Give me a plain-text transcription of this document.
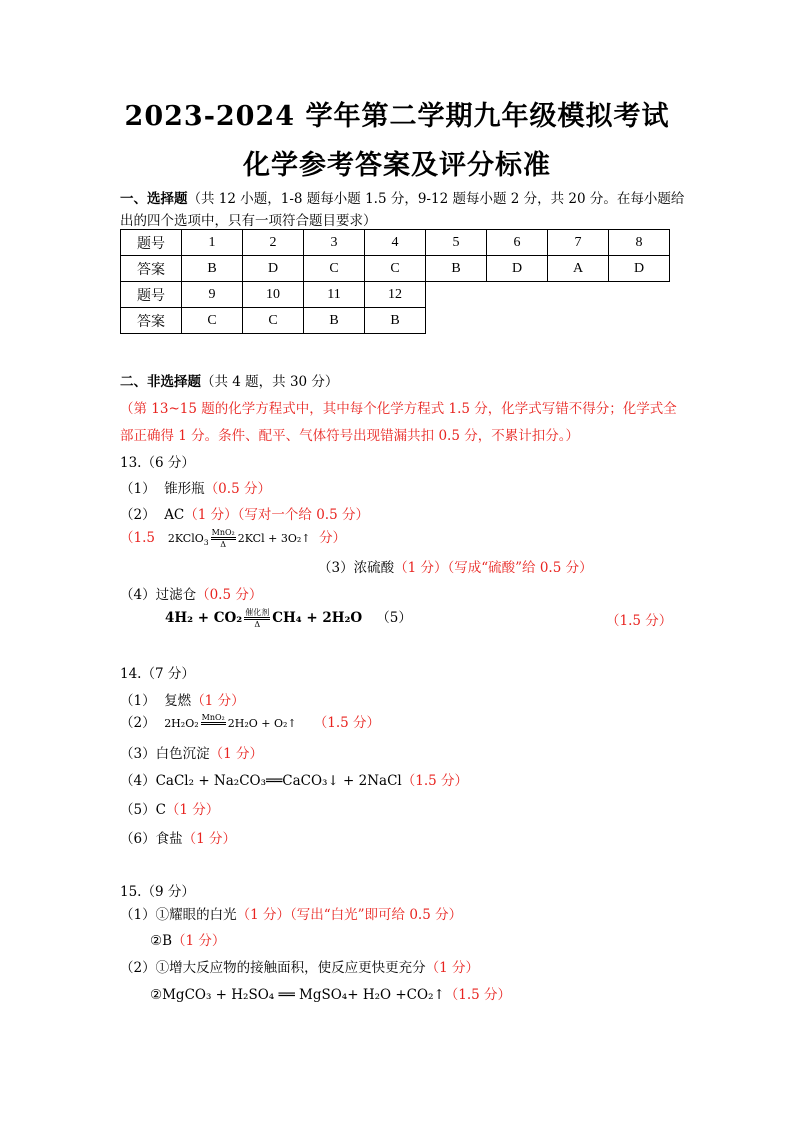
2023-2024 学年第二学期九年级模拟考试
化学参考答案及评分标准
一、选择题（共 12 小题，1-8 题每小题 1.5 分，9-12 题每小题 2 分，共 20 分。在每小题给
出的四个选项中，只有一项符合题目要求）
题号	1	2	3	4	5	6	7	8
答案	B	D	C	C	B	D	A	D
题号	9	10	11	12				
答案	C	C	B	B				
二、非选择题（共 4 题，共 30 分）
（第 13~15 题的化学方程式中，其中每个化学方程式 1.5 分，化学式写错不得分；化学式全
部正确得 1 分。条件、配平、气体符号出现错漏共扣 0.5 分，不累计扣分。）
13.（6 分）
（1） 锥形瓶（0.5 分）
（2） AC（1 分）（写对一个给 0.5 分）
（1.5 2KClO$_3$ $\frac{\text{MnO₂}}{\Delta} 2KCl$ + 3O₂↑ 分）
（3）浓硫酸（1 分）（写成“硫酸”给 0.5 分）
（4）过滤仓（0.5 分）
$4H_2 + CO_2 \frac{\text{催化剂}}{\Delta} CH_4 + 2H_2O$ （5）	（1.5 分）
14.（7 分）
（1） 复燃（1 分）
（2） 2H₂O₂ MnO₂
2H₂O + O₂↑ （1.5 分）
（3）白色沉淀（1 分）
（4）CaCl₂ + Na₂CO₃══CaCO₃↓ + 2NaCl（1.5 分）
（5）C（1 分）
（6）食盐（1 分）
15.（9 分）
（1）①耀眼的白光（1 分）（写出“白光”即可给 0.5 分）
②B（1 分）
（2）①增大反应物的接触面积，使反应更快更充分（1 分）
②MgCO₃ + H₂SO₄ ══ MgSO₄+ H₂O +CO₂↑（1.5 分）
